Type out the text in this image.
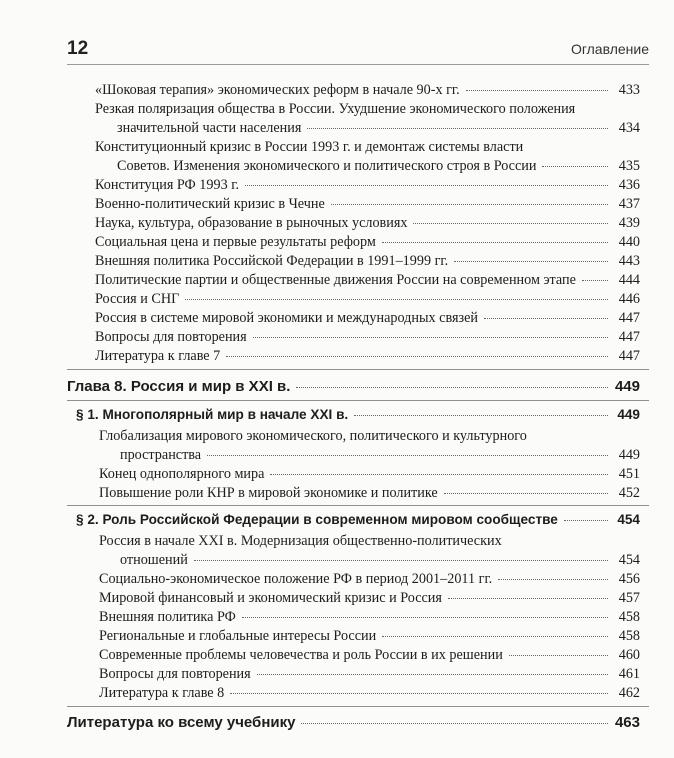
12	Оглавление
«Шоковая терапия» экономических реформ в начале 90-х гг.	433
Резкая поляризация общества в России. Ухудшение экономического положения
значительной части населения	434
Конституционный кризис в России 1993 г. и демонтаж системы власти
Советов. Изменения экономического и политического строя в России	435
Конституция РФ 1993 г.	436
Военно-политический кризис в Чечне	437
Наука, культура, образование в рыночных условиях	439
Социальная цена и первые результаты реформ	440
Внешняя политика Российской Федерации в 1991–1999 гг.	443
Политические партии и общественные движения России на современном этапе	444
Россия и СНГ	446
Россия в системе мировой экономики и международных связей	447
Вопросы для повторения	447
Литература к главе 7	447
Глава 8. Россия и мир в XXI в.	449
§ 1. Многополярный мир в начале XXI в.	449
Глобализация мирового экономического, политического и культурного
пространства	449
Конец однополярного мира	451
Повышение роли КНР в мировой экономике и политике	452
§ 2. Роль Российской Федерации в современном мировом сообществе	454
Россия в начале XXI в. Модернизация общественно-политических
отношений	454
Социально-экономическое положение РФ в период 2001–2011 гг.	456
Мировой финансовый и экономический кризис и Россия	457
Внешняя политика РФ	458
Региональные и глобальные интересы России	458
Современные проблемы человечества и роль России в их решении	460
Вопросы для повторения	461
Литература к главе 8	462
Литература ко всему учебнику	463
